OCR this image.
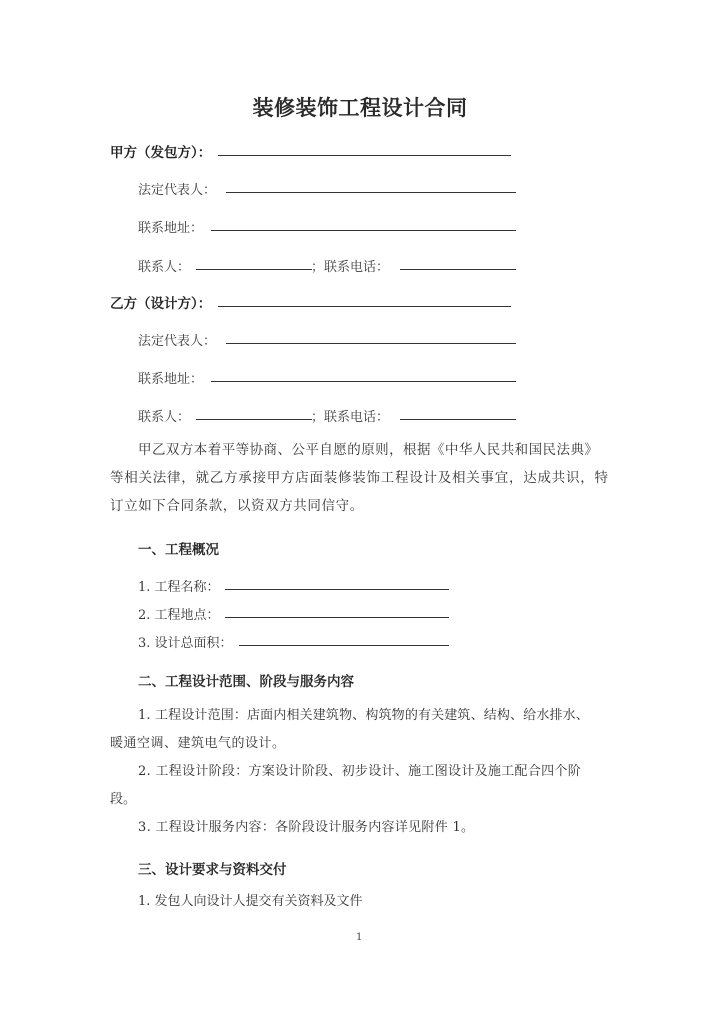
装修装饰工程设计合同
甲方（发包方）：
法定代表人：
联系地址：
联系人：	；联系电话：
乙方（设计方）：
法定代表人：
联系地址：
联系人：	；联系电话：
甲乙双方本着平等协商、公平自愿的原则，根据《中华人民共和国民法典》
等相关法律，就乙方承接甲方店面装修装饰工程设计及相关事宜，达成共识，特
订立如下合同条款，以资双方共同信守。
一、工程概况
1. 工程名称：
2. 工程地点：
3. 设计总面积：
二、工程设计范围、阶段与服务内容
1. 工程设计范围：店面内相关建筑物、构筑物的有关建筑、结构、给水排水、
暖通空调、建筑电气的设计。
2. 工程设计阶段：方案设计阶段、初步设计、施工图设计及施工配合四个阶
段。
3. 工程设计服务内容：各阶段设计服务内容详见附件 1。
三、设计要求与资料交付
1. 发包人向设计人提交有关资料及文件
1
